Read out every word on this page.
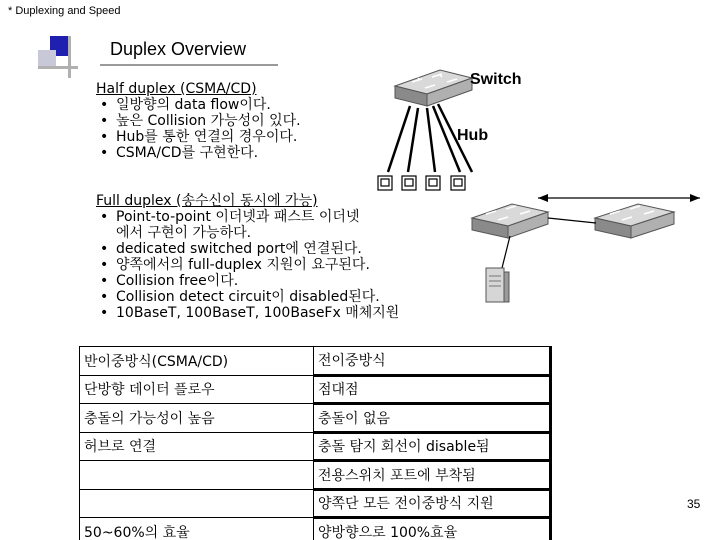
* Duplexing and Speed
Duplex Overview
Half duplex (CSMA/CD)
• 일방향의 data flow이다.
• 높은 Collision 가능성이 있다.
• Hub를 통한 연결의 경우이다.
• CSMA/CD를 구현한다.
Full duplex (송수신이 동시에 가능)
• Point-to-point 이더넷과 패스트 이더넷
에서 구현이 가능하다.
• dedicated switched port에 연결된다.
• 양쪽에서의 full-duplex 지원이 요구된다.
• Collision free이다.
• Collision detect circuit이 disabled된다.
• 10BaseT, 100BaseT, 100BaseFx 매체지원
Switch
Hub
반이중방식(CSMA/CD)	전이중방식
단방향 데이터 플로우	점대점
충돌의 가능성이 높음	충돌이 없음
허브로 연결	충돌 탐지 회선이 disable됨
	전용스위치 포트에 부착됨
	양쪽단 모든 전이중방식 지원
50~60%의 효율	양방향으로 100%효율
35
